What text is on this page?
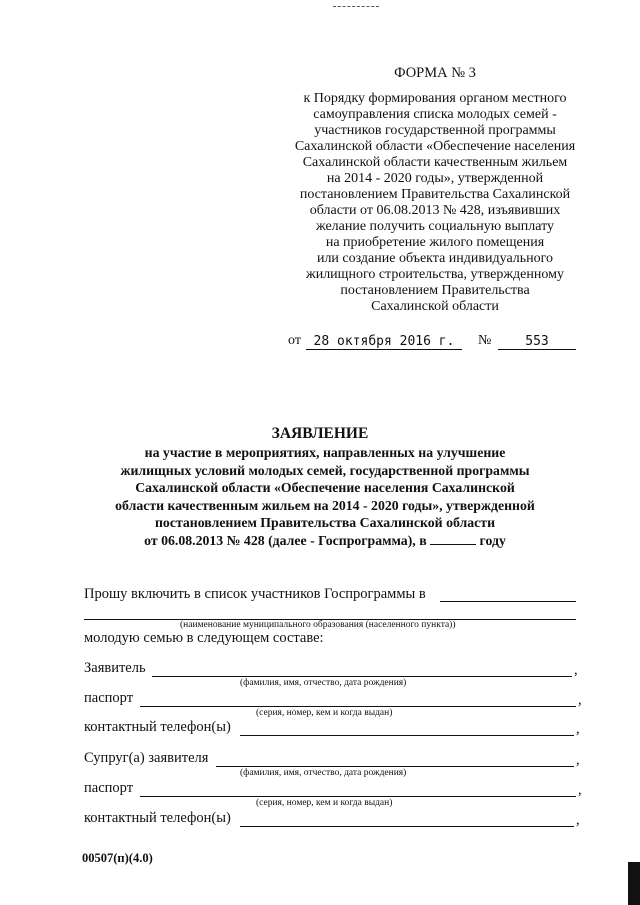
ФОРМА № 3
к Порядку формирования органом местного
самоуправления списка молодых семей -
участников государственной программы
Сахалинской области «Обеспечение населения
Сахалинской области качественным жильем
на 2014 - 2020 годы», утвержденной
постановлением Правительства Сахалинской
области от 06.08.2013 № 428, изъявивших
желание получить социальную выплату
на приобретение жилого помещения
или создание объекта индивидуального
жилищного строительства, утвержденному
постановлением Правительства
Сахалинской области
от 28 октября 2016 г.	№	553
ЗАЯВЛЕНИЕ
на участие в мероприятиях, направленных на улучшение
жилищных условий молодых семей, государственной программы
Сахалинской области «Обеспечение населения Сахалинской
области качественным жильем на 2014 - 2020 годы», утвержденной
постановлением Правительства Сахалинской области
от 06.08.2013 № 428 (далее - Госпрограмма), в	году
Прошу включить в список участников Госпрограммы в
(наименование муниципального образования (населенного пункта))
молодую семью в следующем составе:
Заявитель	,
(фамилия, имя, отчество, дата рождения)
паспорт	,
(серия, номер, кем и когда выдан)
контактный телефон(ы)	,
Супруг(а) заявителя	,
(фамилия, имя, отчество, дата рождения)
паспорт	,
(серия, номер, кем и когда выдан)
контактный телефон(ы)	,
00507(п)(4.0)
